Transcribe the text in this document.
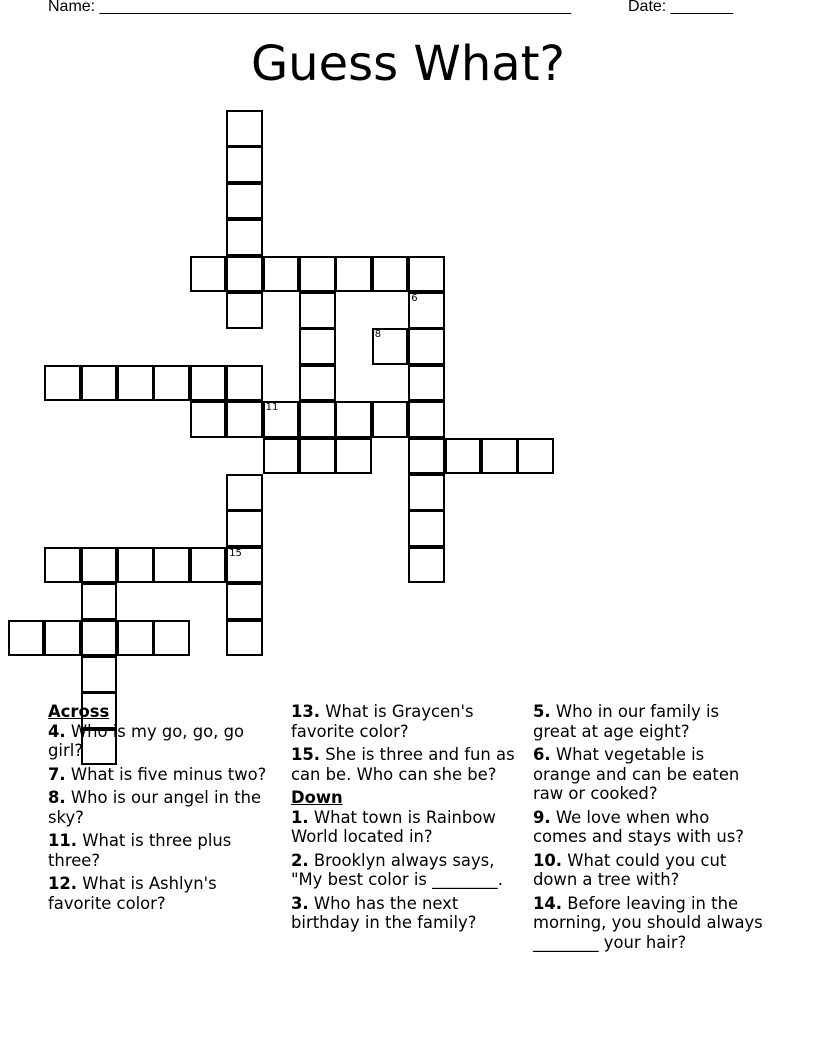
Name: _____________________________________________________	Date: _______
Guess What?
15
11
8
6
Across
4. Who is my go, go, go girl?
7. What is five minus two?
8. Who is our angel in the sky?
11. What is three plus three?
12. What is Ashlyn's favorite color?
13. What is Graycen's favorite color?
15. She is three and fun as can be. Who can she be?
Down
1. What town is Rainbow World located in?
2. Brooklyn always says, "My best color is ________.
3. Who has the next birthday in the family?
5. Who in our family is great at age eight?
6. What vegetable is orange and can be eaten raw or cooked?
9. We love when who comes and stays with us?
10. What could you cut down a tree with?
14. Before leaving in the morning, you should always ________ your hair?
